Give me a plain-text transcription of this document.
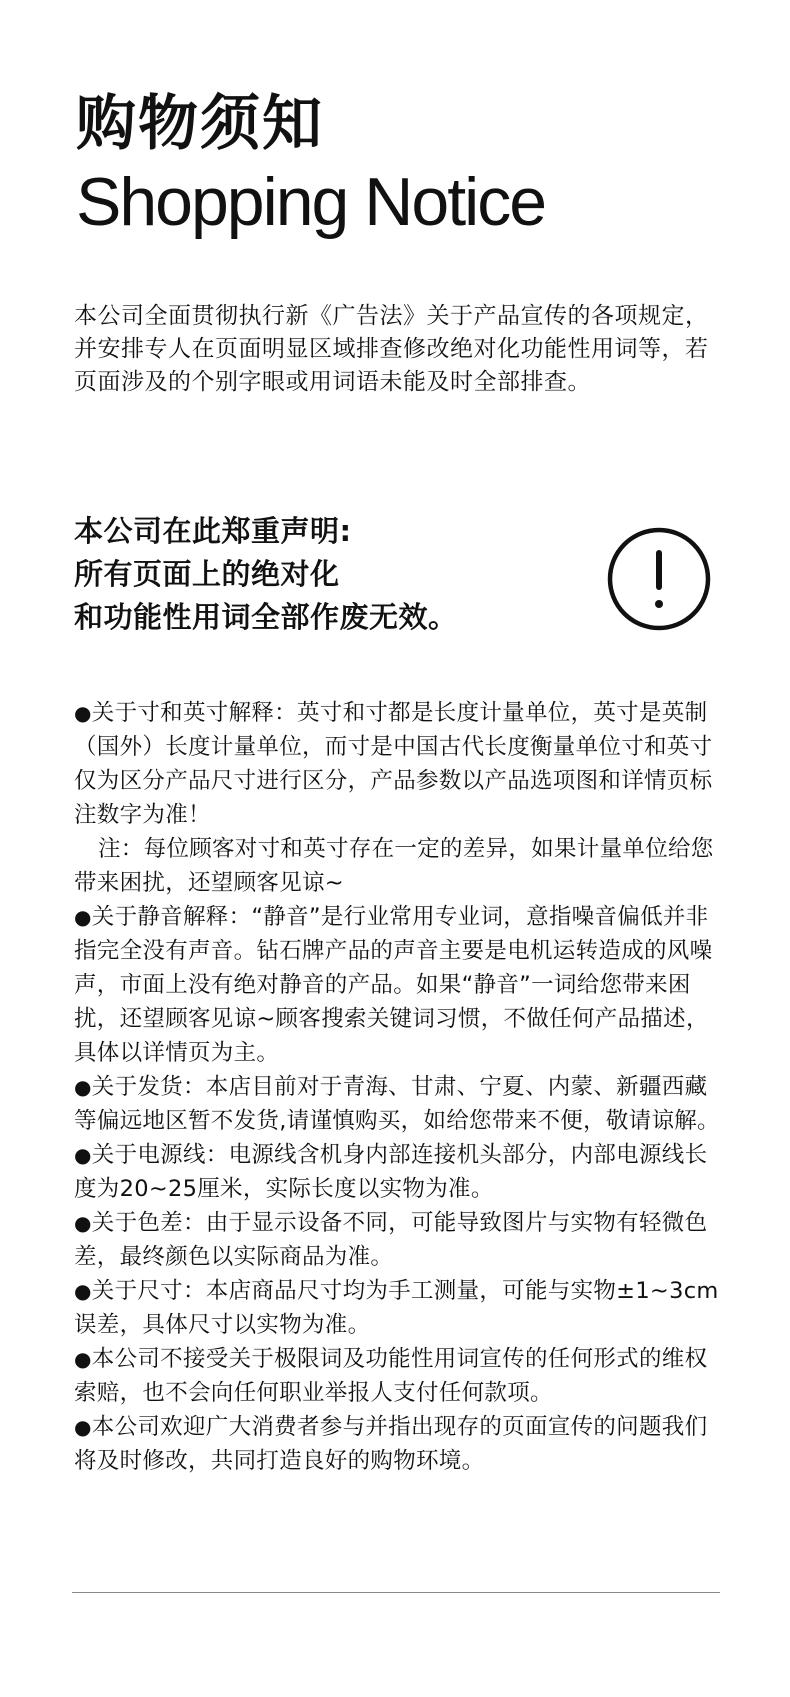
购物须知
Shopping Notice

本公司全面贯彻执行新《广告法》关于产品宣传的各项规定，并安排专人在页面明显区域排查修改绝对化功能性用词等，若页面涉及的个别字眼或用词语未能及时全部排查。

本公司在此郑重声明:
所有页面上的绝对化
和功能性用词全部作废无效。
●关于寸和英寸解释：英寸和寸都是长度计量单位，英寸是英制（国外）长度计量单位，而寸是中国古代长度衡量单位寸和英寸仅为区分产品尺寸进行区分，产品参数以产品选项图和详情页标注数字为准！
注：每位顾客对寸和英寸存在一定的差异，如果计量单位给您带来困扰，还望顾客见谅~
●关于静音解释：“静音”是行业常用专业词，意指噪音偏低并非指完全没有声音。钻石牌产品的声音主要是电机运转造成的风噪声，市面上没有绝对静音的产品。如果“静音”一词给您带来困扰，还望顾客见谅~顾客搜索关键词习惯，不做任何产品描述，具体以详情页为主。
●关于发货：本店目前对于青海、甘肃、宁夏、内蒙、新疆西藏等偏远地区暂不发货,请谨慎购买，如给您带来不便，敬请谅解。
●关于电源线：电源线含机身内部连接机头部分，内部电源线长度为20~25厘米，实际长度以实物为准。
●关于色差：由于显示设备不同，可能导致图片与实物有轻微色差，最终颜色以实际商品为准。
●关于尺寸：本店商品尺寸均为手工测量，可能与实物±1~3cm误差，具体尺寸以实物为准。
●本公司不接受关于极限词及功能性用词宣传的任何形式的维权索赔，也不会向任何职业举报人支付任何款项。
●本公司欢迎广大消费者参与并指出现存的页面宣传的问题我们将及时修改，共同打造良好的购物环境。
